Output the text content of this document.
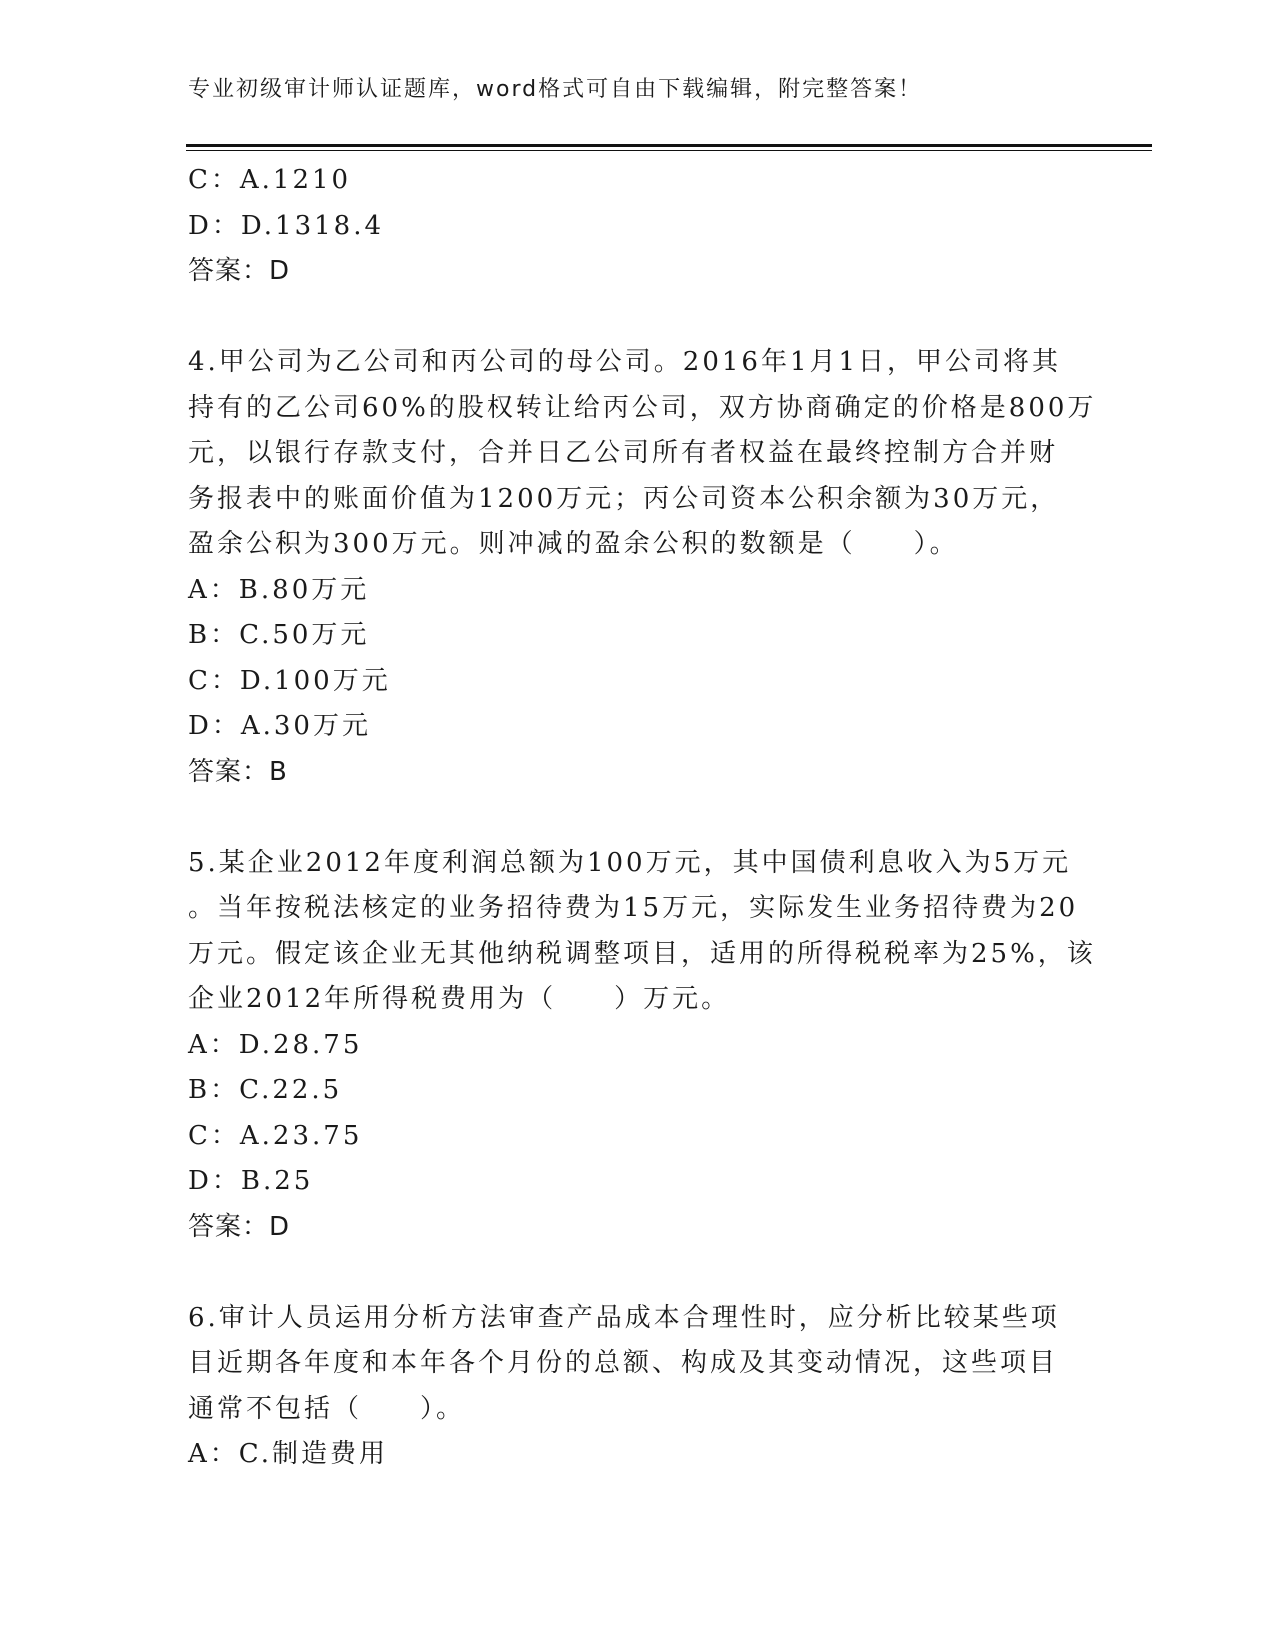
专业初级审计师认证题库，word格式可自由下载编辑，附完整答案！
C：A.1210
D：D.1318.4
答案：D
4.甲公司为乙公司和丙公司的母公司。2016年1月1日，甲公司将其
持有的乙公司60%的股权转让给丙公司，双方协商确定的价格是800万
元，以银行存款支付，合并日乙公司所有者权益在最终控制方合并财
务报表中的账面价值为1200万元；丙公司资本公积余额为30万元，
盈余公积为300万元。则冲减的盈余公积的数额是（　　）。
A：B.80万元
B：C.50万元
C：D.100万元
D：A.30万元
答案：B
5.某企业2012年度利润总额为100万元，其中国债利息收入为5万元
。当年按税法核定的业务招待费为15万元，实际发生业务招待费为20
万元。假定该企业无其他纳税调整项目，适用的所得税税率为25%，该
企业2012年所得税费用为（　　）万元。
A：D.28.75
B：C.22.5
C：A.23.75
D：B.25
答案：D
6.审计人员运用分析方法审查产品成本合理性时，应分析比较某些项
目近期各年度和本年各个月份的总额、构成及其变动情况，这些项目
通常不包括（　　）。
A：C.制造费用
